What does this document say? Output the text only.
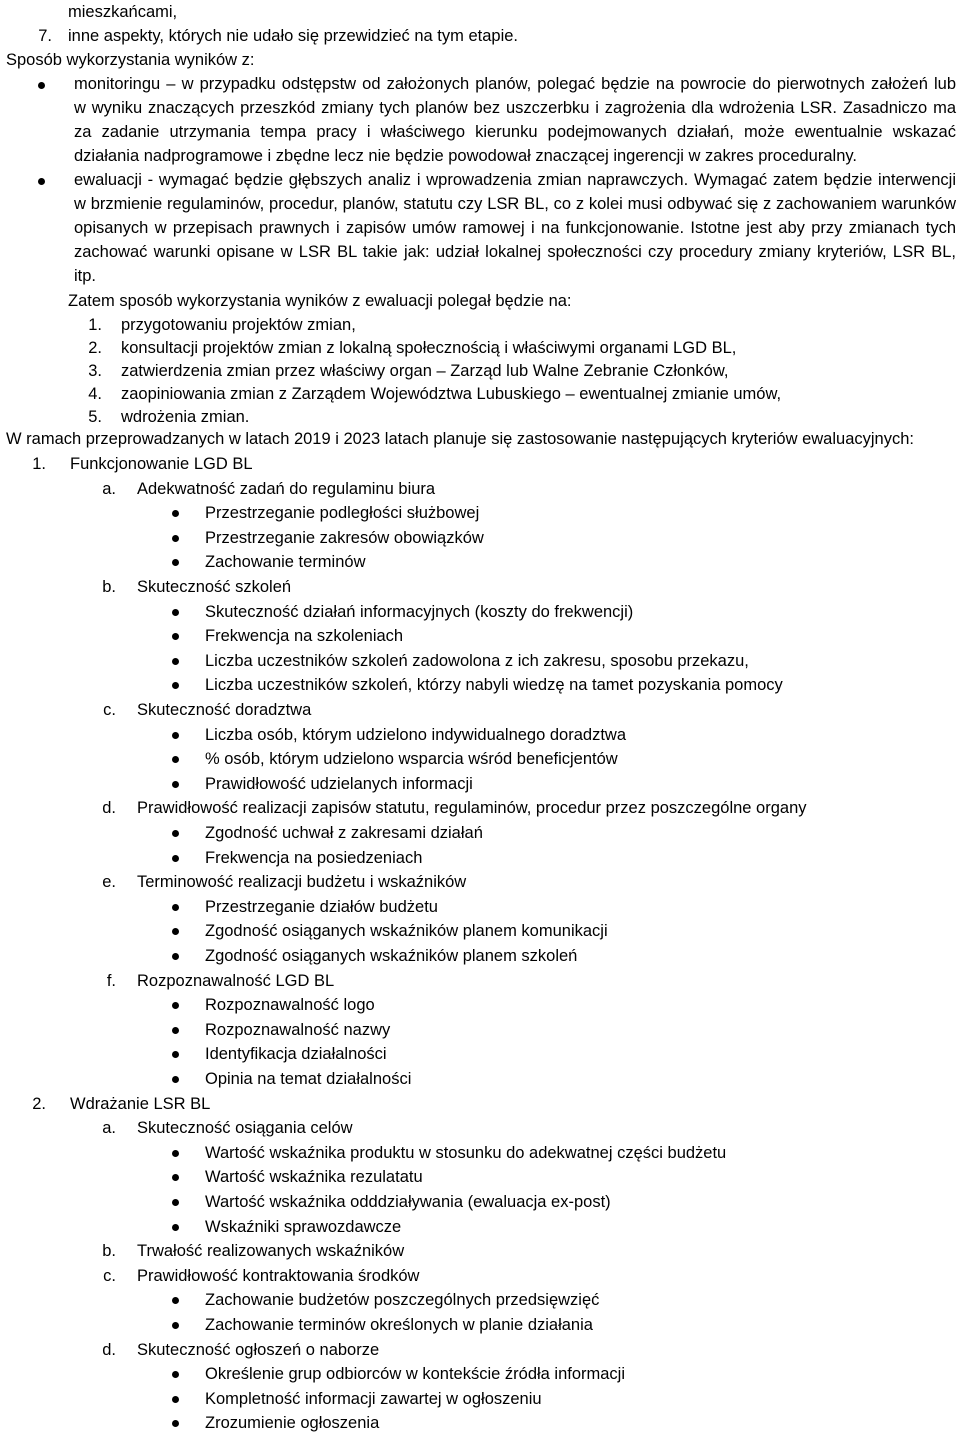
mieszkańcami,
7. inne aspekty, których nie udało się przewidzieć na tym etapie.
Sposób wykorzystania wyników z:
monitoringu – w przypadku odstępstw od założonych planów, polegać będzie na powrocie do pierwotnych założeń lub
w wyniku znaczących przeszkód zmiany tych planów bez uszczerbku i zagrożenia dla wdrożenia LSR. Zasadniczo ma
za zadanie utrzymania tempa pracy i właściwego kierunku podejmowanych działań, może ewentualnie wskazać
działania nadprogramowe i zbędne lecz nie będzie powodował znaczącej ingerencji w zakres proceduralny.
ewaluacji - wymagać będzie głębszych analiz i wprowadzenia zmian naprawczych. Wymagać zatem będzie interwencji
w brzmienie regulaminów, procedur, planów, statutu czy LSR BL, co z kolei musi odbywać się z zachowaniem warunków
opisanych w przepisach prawnych i zapisów umów ramowej i na funkcjonowanie. Istotne jest aby przy zmianach tych
zachować warunki opisane w LSR BL takie jak: udział lokalnej społeczności czy procedury zmiany kryteriów, LSR BL,
itp.
Zatem sposób wykorzystania wyników z ewaluacji polegał będzie na:
1. przygotowaniu projektów zmian,
2. konsultacji projektów zmian z lokalną społecznością i właściwymi organami LGD BL,
3. zatwierdzenia zmian przez właściwy organ – Zarząd lub Walne Zebranie Członków,
4. zaopiniowania zmian z Zarządem Województwa Lubuskiego – ewentualnej zmianie umów,
5. wdrożenia zmian.
W ramach przeprowadzanych w latach 2019 i 2023 latach planuje się zastosowanie następujących kryteriów ewaluacyjnych:
1. Funkcjonowanie LGD BL
a. Adekwatność zadań do regulaminu biura
Przestrzeganie podległości służbowej
Przestrzeganie zakresów obowiązków
Zachowanie terminów
b. Skuteczność szkoleń
Skuteczność działań informacyjnych (koszty do frekwencji)
Frekwencja na szkoleniach
Liczba uczestników szkoleń zadowolona z ich zakresu, sposobu przekazu,
Liczba uczestników szkoleń, którzy nabyli wiedzę na tamet pozyskania pomocy
c. Skuteczność doradztwa
Liczba osób, którym udzielono indywidualnego doradztwa
% osób, którym udzielono wsparcia wśród beneficjentów
Prawidłowość udzielanych informacji
d. Prawidłowość realizacji zapisów statutu, regulaminów, procedur przez poszczególne organy
Zgodność uchwał z zakresami działań
Frekwencja na posiedzeniach
e. Terminowość realizacji budżetu i wskaźników
Przestrzeganie działów budżetu
Zgodność osiąganych wskaźników planem komunikacji
Zgodność osiąganych wskaźników planem szkoleń
f. Rozpoznawalność LGD BL
Rozpoznawalność logo
Rozpoznawalność nazwy
Identyfikacja działalności
Opinia na temat działalności
2. Wdrażanie LSR BL
a. Skuteczność osiągania celów
Wartość wskaźnika produktu w stosunku do adekwatnej części budżetu
Wartość wskaźnika rezulatatu
Wartość wskaźnika odddziaływania (ewaluacja ex-post)
Wskaźniki sprawozdawcze
b. Trwałość realizowanych wskaźników
c. Prawidłowość kontraktowania środków
Zachowanie budżetów poszczególnych przedsięwzięć
Zachowanie terminów określonych w planie działania
d. Skuteczność ogłoszeń o naborze
Określenie grup odbiorców w kontekście źródła informacji
Kompletność informacji zawartej w ogłoszeniu
Zrozumienie ogłoszenia
